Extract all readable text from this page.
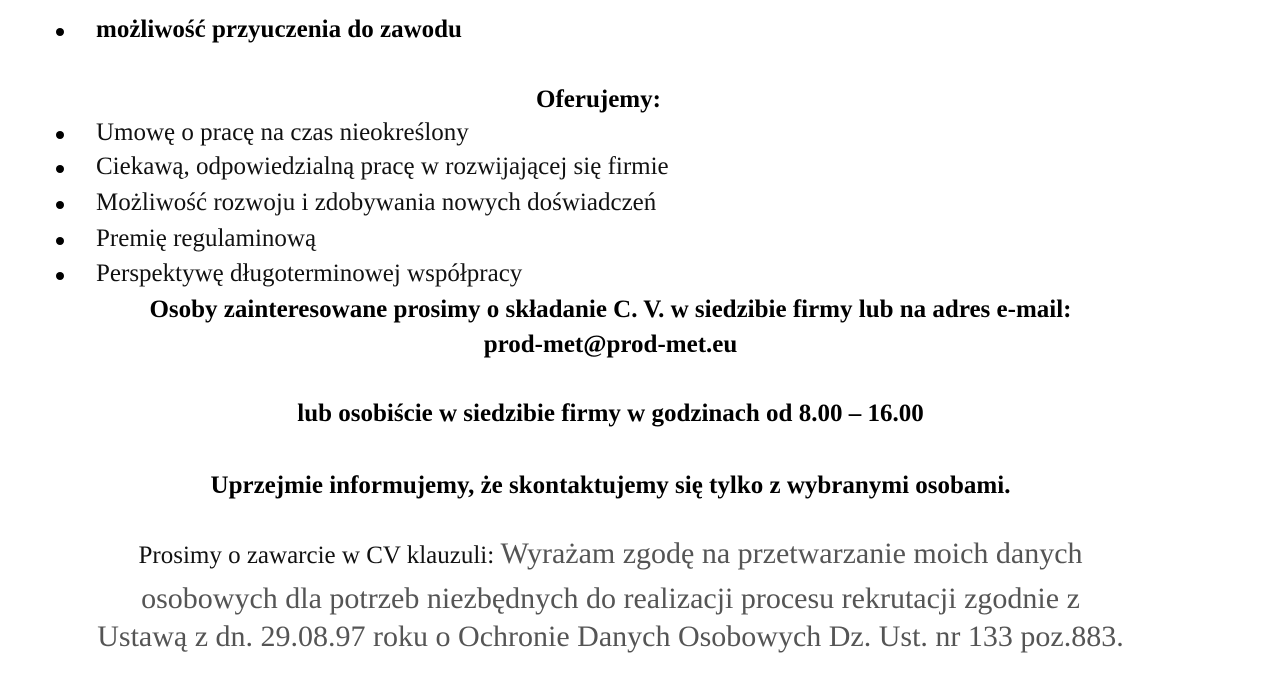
możliwość przyuczenia do zawodu
Oferujemy:
Umowę o pracę na czas nieokreślony
Ciekawą, odpowiedzialną pracę w rozwijającej się firmie
Możliwość rozwoju i zdobywania nowych doświadczeń
Premię regulaminową
Perspektywę długoterminowej współpracy
Osoby zainteresowane prosimy o składanie C. V. w siedzibie firmy lub na adres e-mail:
prod-met@prod-met.eu
lub osobiście w siedzibie firmy w godzinach od 8.00 – 16.00
Uprzejmie informujemy, że skontaktujemy się tylko z wybranymi osobami.
Prosimy o zawarcie w CV klauzuli: Wyrażam zgodę na przetwarzanie moich danych
osobowych dla potrzeb niezbędnych do realizacji procesu rekrutacji zgodnie z
Ustawą z dn. 29.08.97 roku o Ochronie Danych Osobowych Dz. Ust. nr 133 poz.883.
